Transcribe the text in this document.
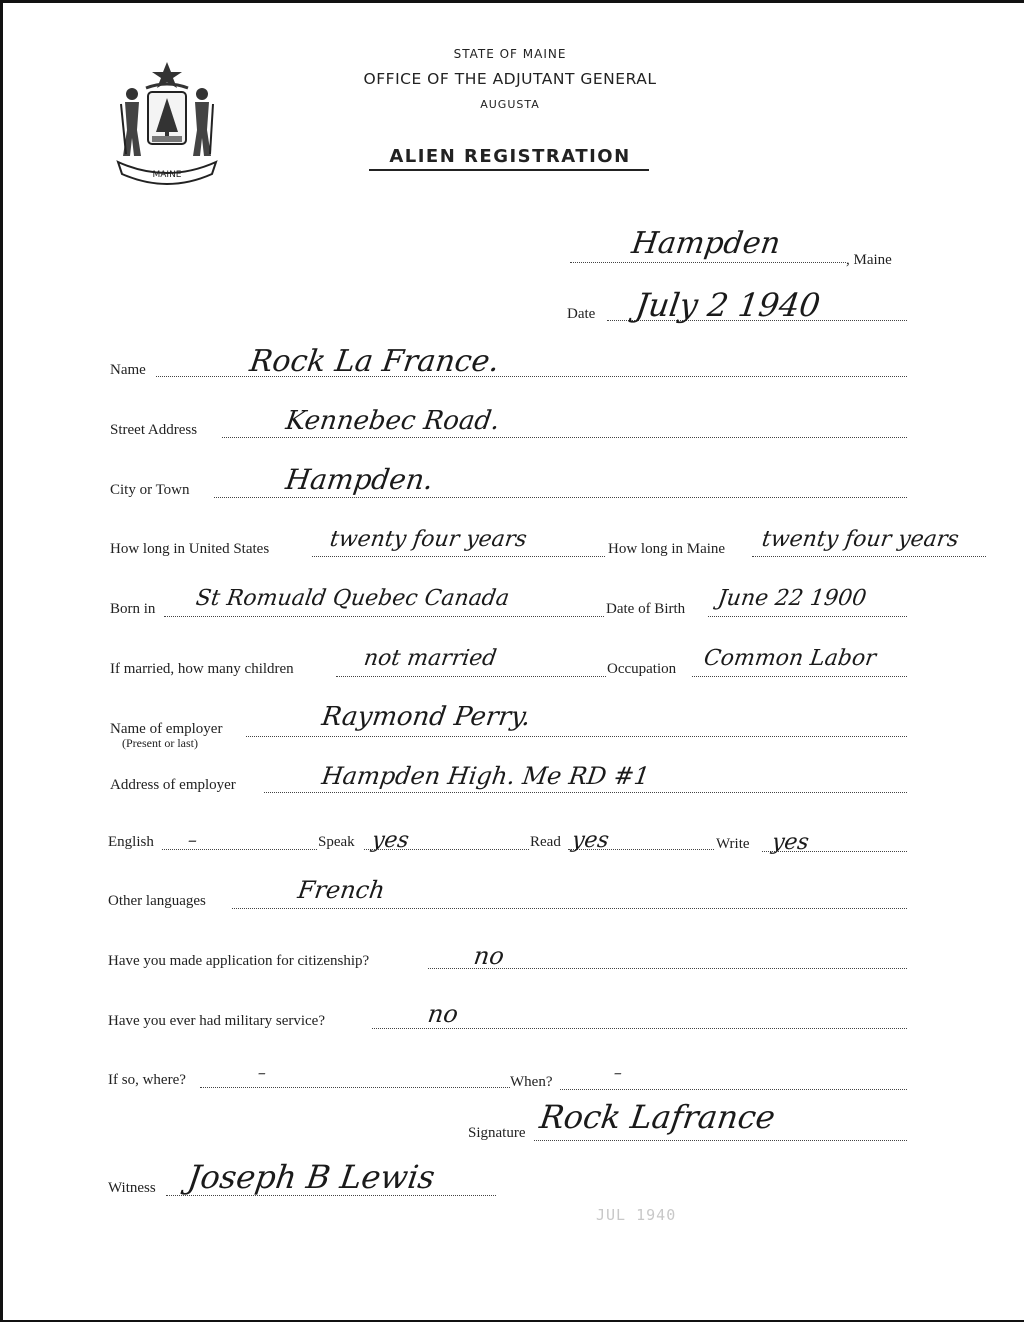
MAINE
STATE OF MAINE
OFFICE OF THE ADJUTANT GENERAL
AUGUSTA
ALIEN REGISTRATION
Hampden	, Maine
Date July 2 1940
Name	Rock La France.
Street Address	Kennebec Road.
City or Town	Hampden.
How long in United States	twenty four years	How long in Maine twenty four years
Born in St Romuald Quebec Canada	Date of Birth June 22 1900
If married, how many children	not married	Occupation Common Labor
Name of employer
(Present or last)
Raymond Perry.
Address of employer	Hampden High. Me RD #1
English –	Speak yes	Read yes	Write yes
Other languages	French
Have you made application for citizenship?	no
Have you ever had military service?	no
If so, where?	–	When?	–
Signature Rock Lafrance
Witness Joseph B Lewis
JUL 1940
